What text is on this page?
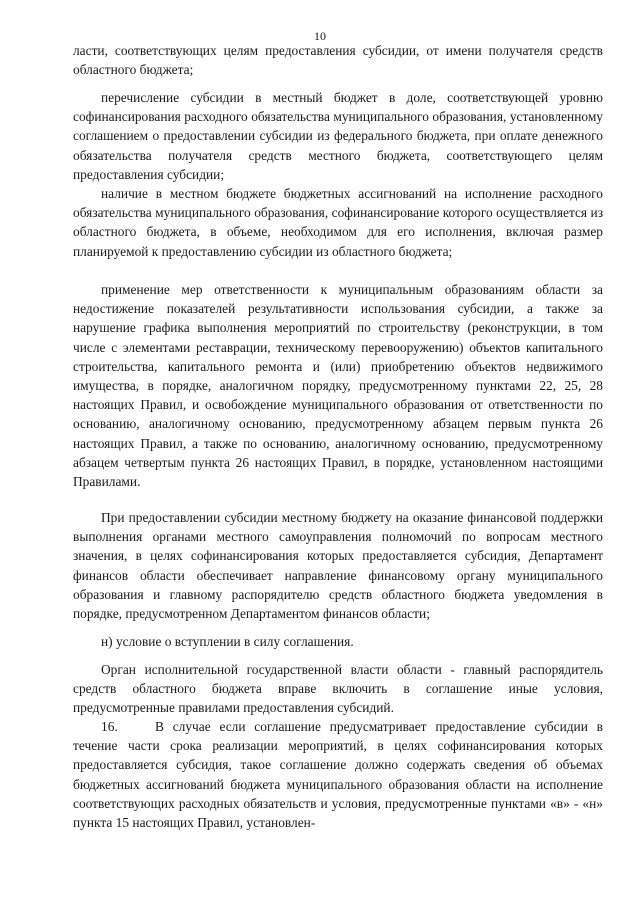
10

ласти, соответствующих целям предоставления субсидии, от имени получателя средств областного бюджета;

перечисление субсидии в местный бюджет в доле, соответствующей уровню софинансирования расходного обязательства муниципального образования, установленному соглашением о предоставлении субсидии из федерального бюджета, при оплате денежного обязательства получателя средств местного бюджета, соответствующего целям предоставления субсидии;

наличие в местном бюджете бюджетных ассигнований на исполнение расходного обязательства муниципального образования, софинансирование которого осуществляется из областного бюджета, в объеме, необходимом для его исполнения, включая размер планируемой к предоставлению субсидии из областного бюджета;

применение мер ответственности к муниципальным образованиям области за недостижение показателей результативности использования субсидии, а также за нарушение графика выполнения мероприятий по строительству (реконструкции, в том числе с элементами реставрации, техническому перевооружению) объектов капитального строительства, капитального ремонта и (или) приобретению объектов недвижимого имущества, в порядке, аналогичном порядку, предусмотренному пунктами 22, 25, 28 настоящих Правил, и освобождение муниципального образования от ответственности по основанию, аналогичному основанию, предусмотренному абзацем первым пункта 26 настоящих Правил, а также по основанию, аналогичному основанию, предусмотренному абзацем четвертым пункта 26 настоящих Правил, в порядке, установленном настоящими Правилами.

При предоставлении субсидии местному бюджету на оказание финансовой поддержки выполнения органами местного самоуправления полномочий по вопросам местного значения, в целях софинансирования которых предоставляется субсидия, Департамент финансов области обеспечивает направление финансовому органу муниципального образования и главному распорядителю средств областного бюджета уведомления в порядке, предусмотренном Департаментом финансов области;

н) условие о вступлении в силу соглашения.

Орган исполнительной государственной власти области - главный распорядитель средств областного бюджета вправе включить в соглашение иные условия, предусмотренные правилами предоставления субсидий.

16.	В случае если соглашение предусматривает предоставление субсидии в течение части срока реализации мероприятий, в целях софинансирования которых предоставляется субсидия, такое соглашение должно содержать сведения об объемах бюджетных ассигнований бюджета муниципального образования области на исполнение соответствующих расходных обязательств и условия, предусмотренные пунктами «в» - «н» пункта 15 настоящих Правил, установлен-
